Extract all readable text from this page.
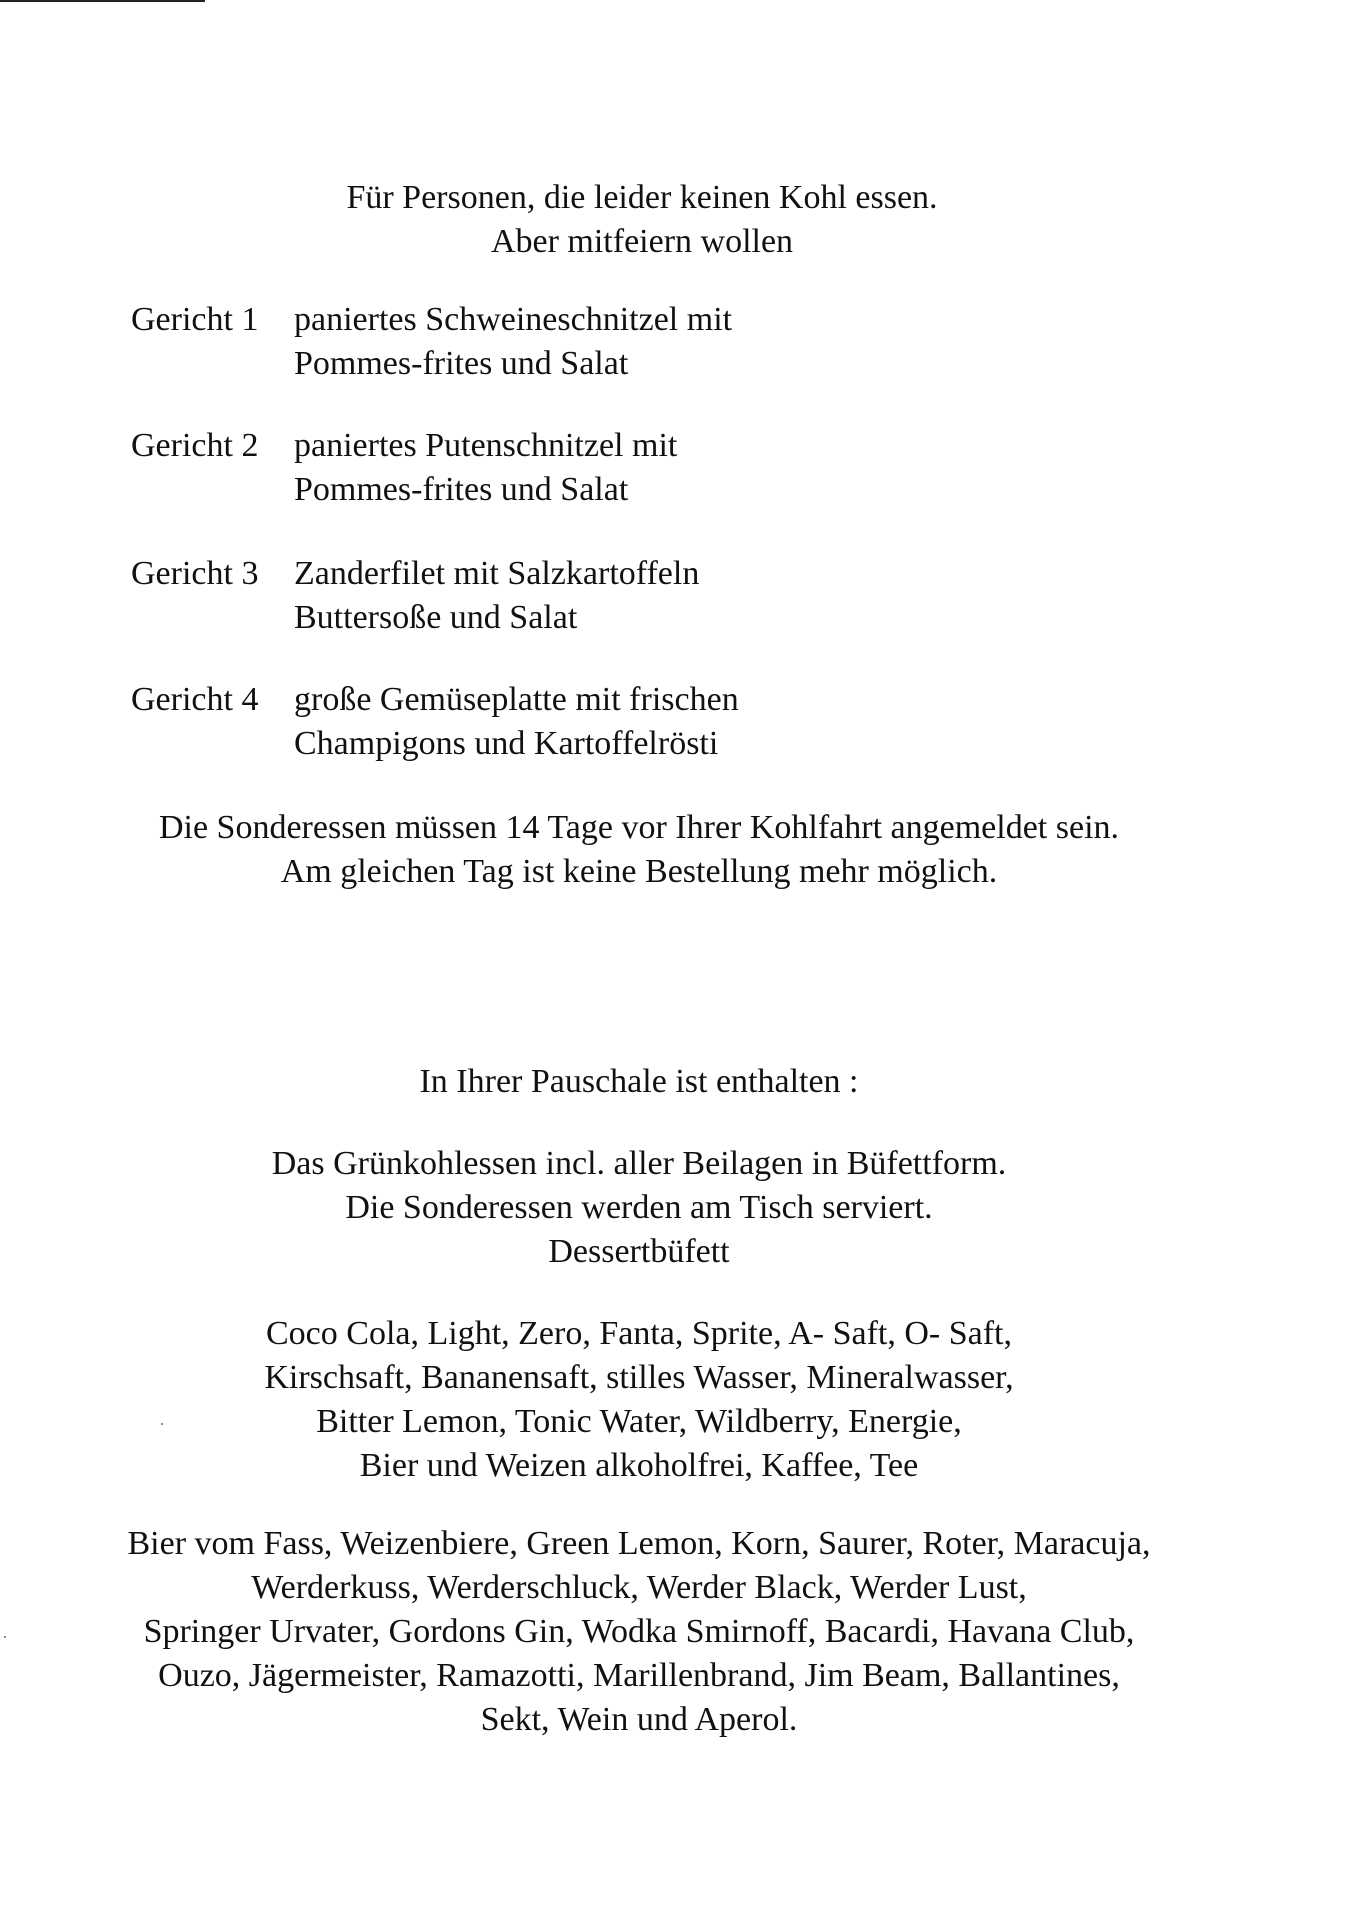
Für Personen, die leider keinen Kohl essen.
Aber mitfeiern wollen
Gericht 1	paniertes Schweineschnitzel mit
Pommes-frites und Salat
Gericht 2	paniertes Putenschnitzel mit
Pommes-frites und Salat
Gericht 3	Zanderfilet mit Salzkartoffeln
Buttersoße und Salat
Gericht 4	große Gemüseplatte mit frischen
Champigons und Kartoffelrösti
Die Sonderessen müssen 14 Tage vor Ihrer Kohlfahrt angemeldet sein.
Am gleichen Tag ist keine Bestellung mehr möglich.
In Ihrer Pauschale ist enthalten :
Das Grünkohlessen incl. aller Beilagen in Büfettform.
Die Sonderessen werden am Tisch serviert.
Dessertbüfett
Coco Cola, Light, Zero, Fanta, Sprite, A- Saft, O- Saft,
Kirschsaft, Bananensaft, stilles Wasser, Mineralwasser,
Bitter Lemon, Tonic Water, Wildberry, Energie,
Bier und Weizen alkoholfrei, Kaffee, Tee
Bier vom Fass, Weizenbiere, Green Lemon, Korn, Saurer, Roter, Maracuja,
Werderkuss, Werderschluck, Werder Black, Werder Lust,
Springer Urvater, Gordons Gin, Wodka Smirnoff, Bacardi, Havana Club,
Ouzo, Jägermeister, Ramazotti, Marillenbrand, Jim Beam, Ballantines,
Sekt, Wein und Aperol.
